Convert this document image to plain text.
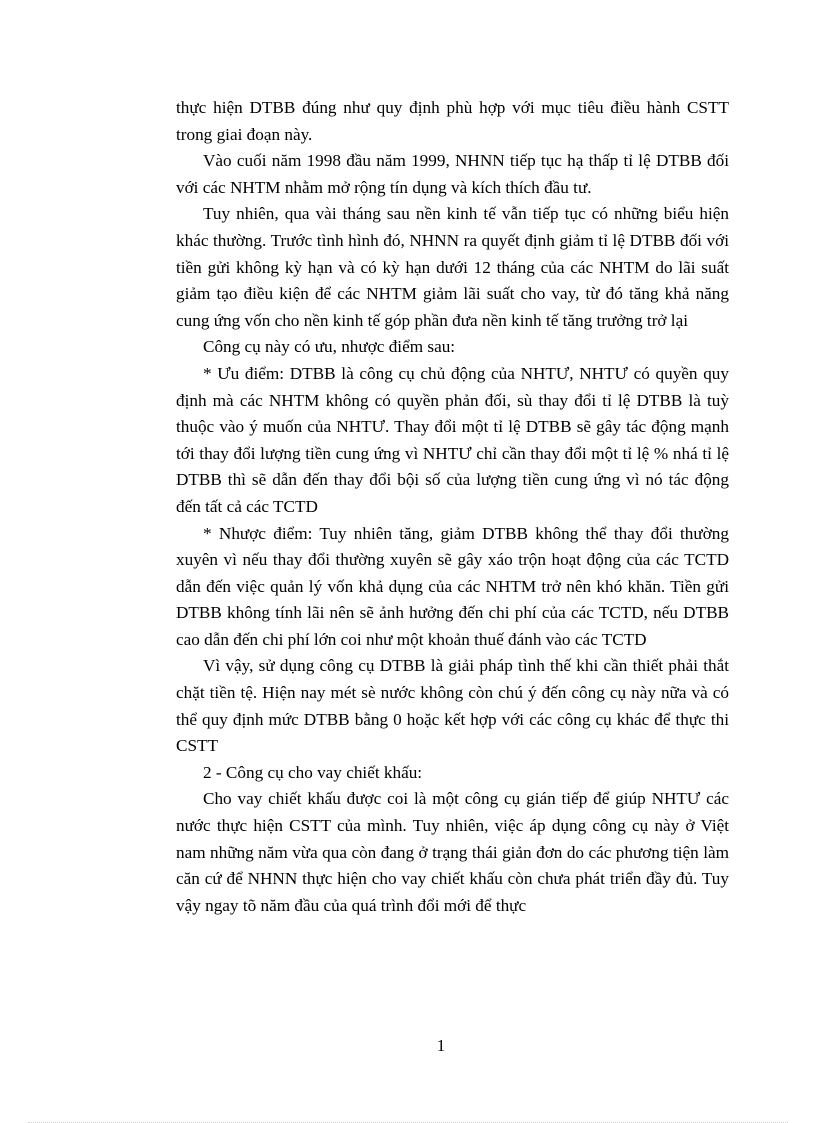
thực hiện DTBB đúng như quy định phù hợp với mục tiêu điều hành CSTT trong giai đoạn này.

Vào cuối năm 1998 đầu năm 1999, NHNN tiếp tục hạ thấp tỉ lệ DTBB đối với các NHTM nhằm mở rộng tín dụng và kích thích đầu tư.

Tuy nhiên, qua vài tháng sau nền kinh tế vẫn tiếp tục có những biểu hiện khác thường. Trước tình hình đó, NHNN ra quyết định giảm tỉ lệ DTBB đối với tiền gửi không kỳ hạn và có kỳ hạn dưới 12 tháng của các NHTM do lãi suất giảm tạo điều kiện để các NHTM giảm lãi suất cho vay, từ đó tăng khả năng cung ứng vốn cho nền kinh tế góp phần đưa nền kinh tế tăng trưởng trở lại

Công cụ này có ưu, nhược điểm sau:

* Ưu điểm: DTBB là công cụ chủ động của NHTƯ, NHTƯ có quyền quy định mà các NHTM không có quyền phản đối, sù thay đổi tỉ lệ DTBB là tuỳ thuộc vào ý muốn của NHTƯ. Thay đổi một tỉ lệ DTBB sẽ gây tác động mạnh tới thay đổi lượng tiền cung ứng vì NHTƯ chỉ cần thay đổi một tỉ lệ % nhá tỉ lệ DTBB thì sẽ dẫn đến thay đổi bội số của lượng tiền cung ứng vì nó tác động đến tất cả các TCTD

* Nhược điểm: Tuy nhiên tăng, giảm DTBB không thể thay đổi thường xuyên vì nếu thay đổi thường xuyên sẽ gây xáo trộn hoạt động của các TCTD dẫn đến việc quản lý vốn khả dụng của các NHTM trở nên khó khăn. Tiền gửi DTBB không tính lãi nên sẽ ảnh hưởng đến chi phí của các TCTD, nếu DTBB cao dẫn đến chi phí lớn coi như một khoản thuế đánh vào các TCTD

Vì vậy, sử dụng công cụ DTBB là giải pháp tình thế khi cần thiết phải thắt chặt tiền tệ. Hiện nay mét sè nước không còn chú ý đến công cụ này nữa và có thể quy định mức DTBB bằng 0 hoặc kết hợp với các công cụ khác để thực thi CSTT

2 - Công cụ cho vay chiết khấu:

Cho vay chiết khấu được coi là một công cụ gián tiếp để giúp NHTƯ các nước thực hiện CSTT của mình. Tuy nhiên, việc áp dụng công cụ này ở Việt nam những năm vừa qua còn đang ở trạng thái giản đơn do các phương tiện làm căn cứ để NHNN thực hiện cho vay chiết khấu còn chưa phát triển đầy đủ. Tuy vậy ngay tõ năm đầu của quá trình đổi mới để thực

1
